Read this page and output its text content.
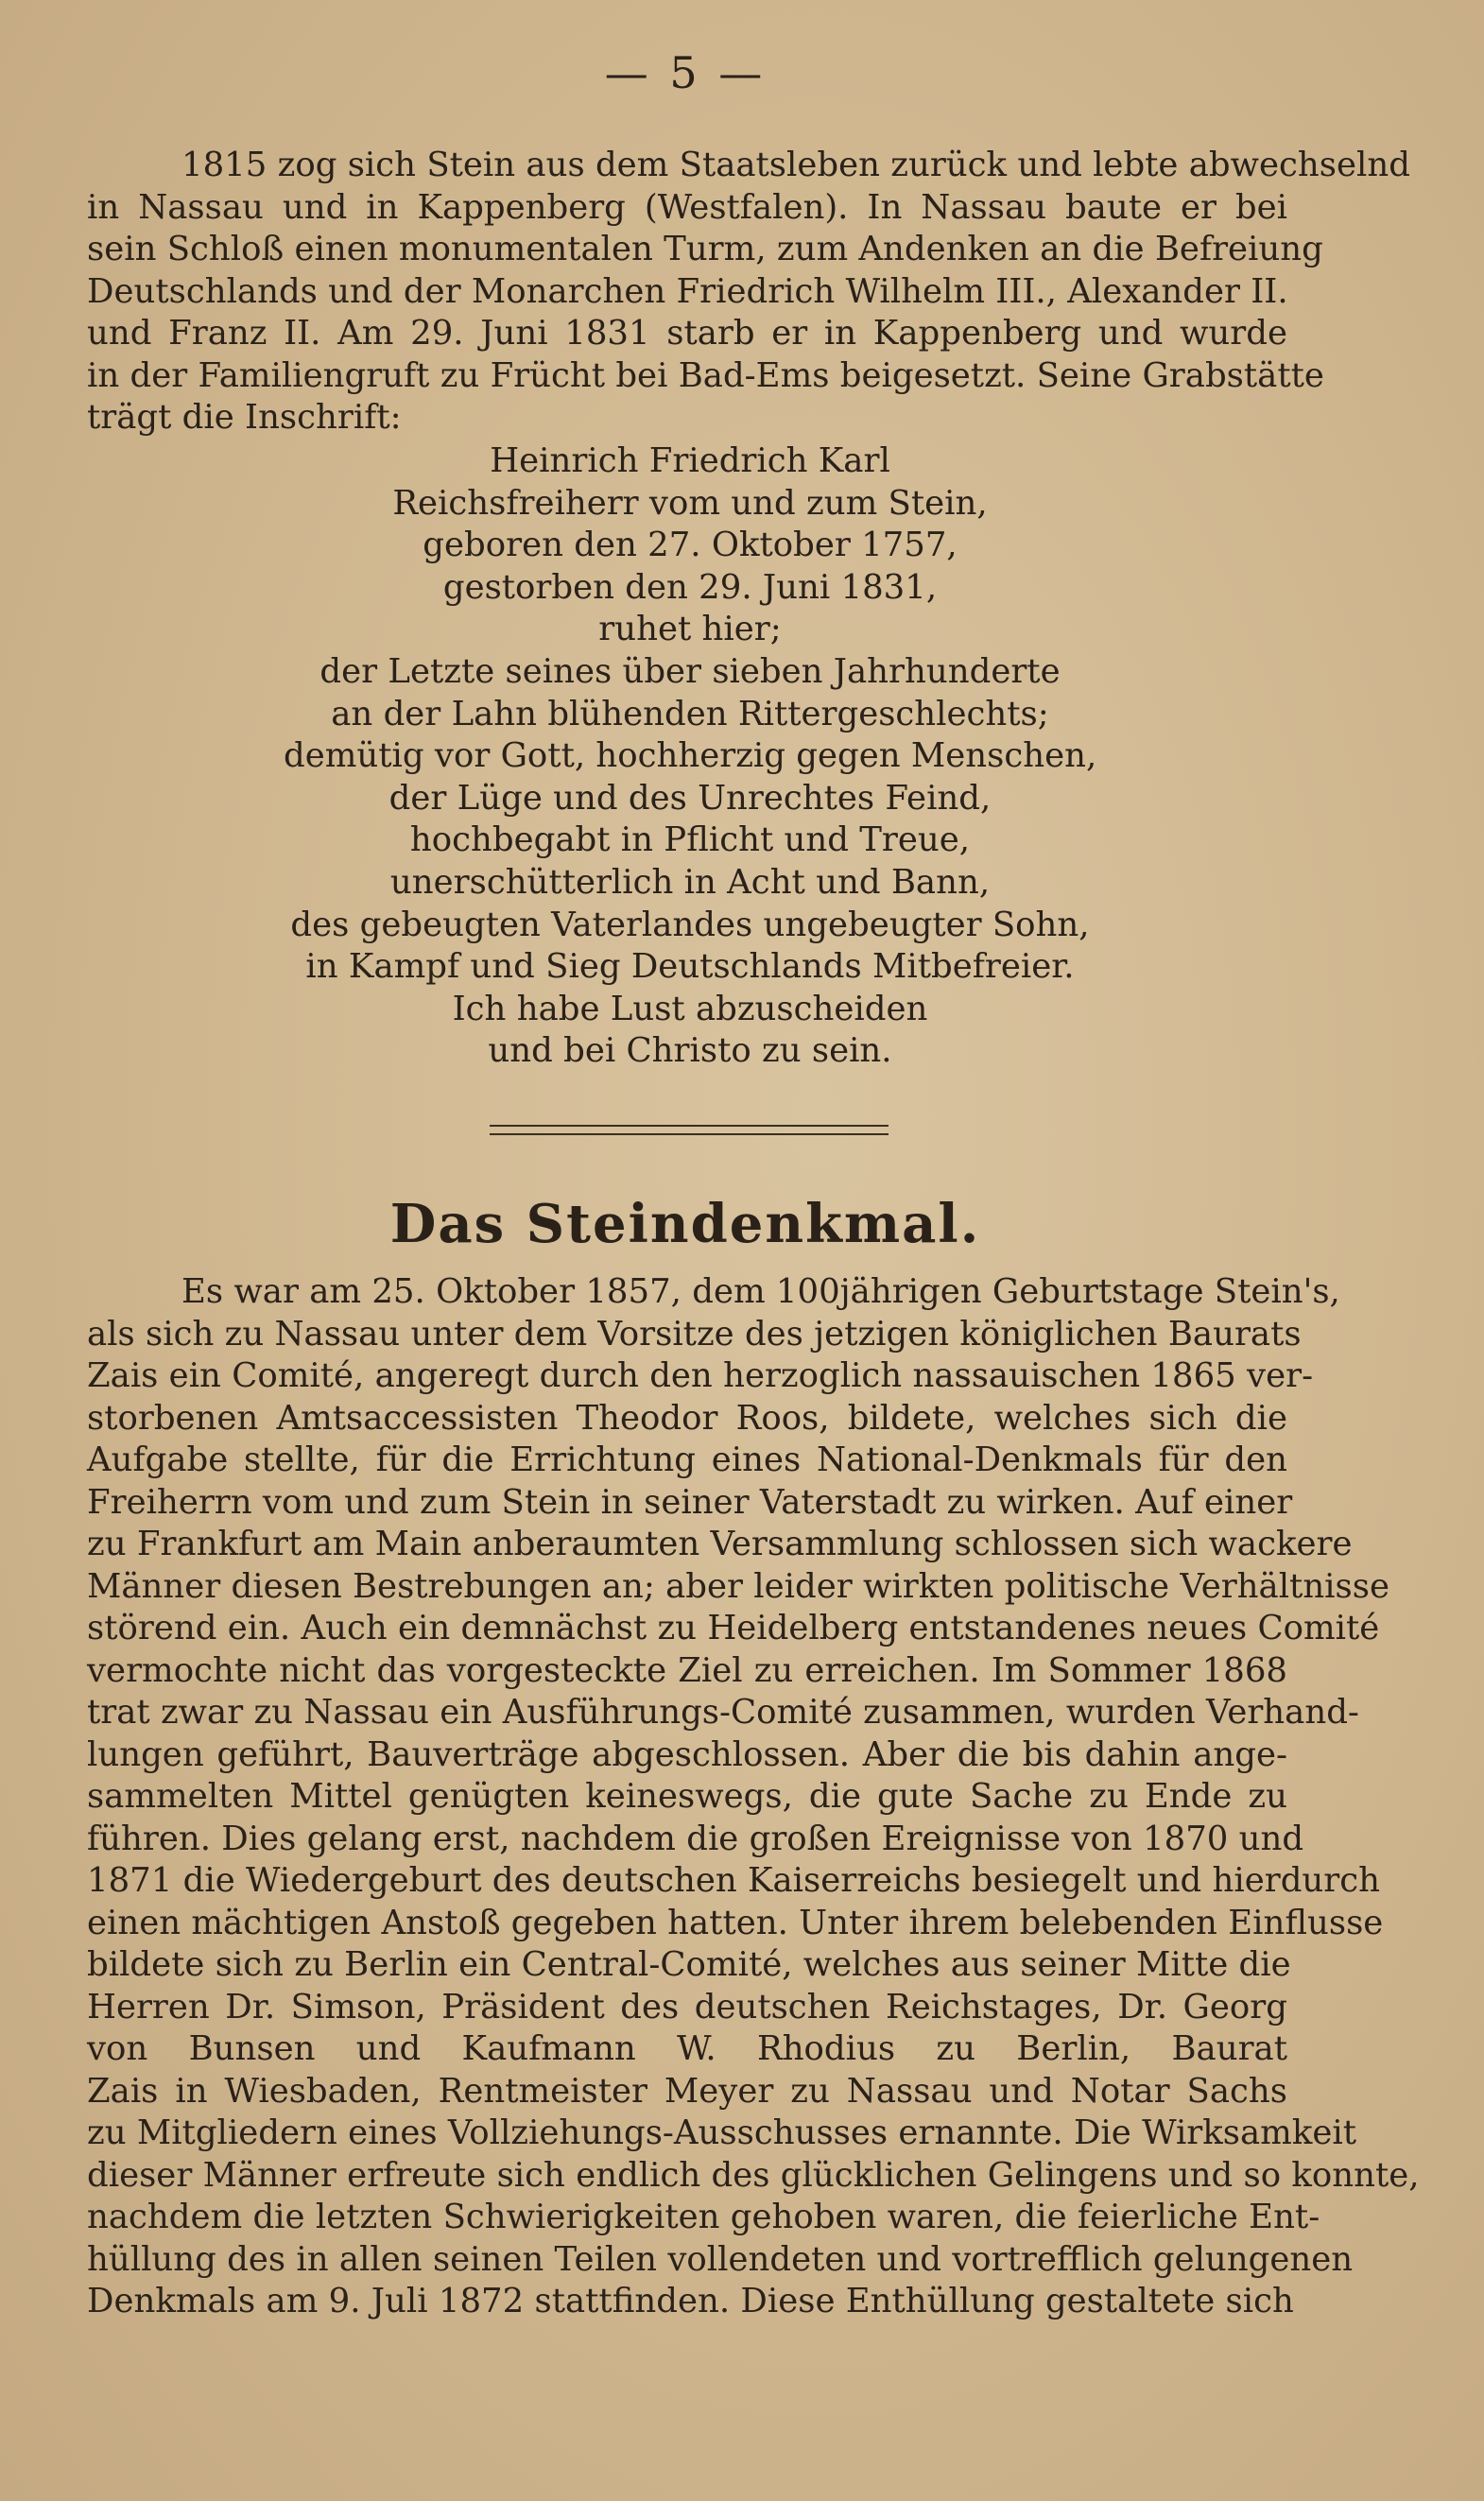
— 5 —
1815 zog sich Stein aus dem Staatsleben zurück und lebte abwechselnd
in Nassau und in Kappenberg (Westfalen). In Nassau baute er bei
sein Schloß einen monumentalen Turm, zum Andenken an die Befreiung
Deutschlands und der Monarchen Friedrich Wilhelm III., Alexander II.
und Franz II. Am 29. Juni 1831 starb er in Kappenberg und wurde
in der Familiengruft zu Frücht bei Bad-Ems beigesetzt. Seine Grabstätte
trägt die Inschrift:
Heinrich Friedrich Karl
Reichsfreiherr vom und zum Stein,
geboren den 27. Oktober 1757,
gestorben den 29. Juni 1831,
ruhet hier;
der Letzte seines über sieben Jahrhunderte
an der Lahn blühenden Rittergeschlechts;
demütig vor Gott, hochherzig gegen Menschen,
der Lüge und des Unrechtes Feind,
hochbegabt in Pflicht und Treue,
unerschütterlich in Acht und Bann,
des gebeugten Vaterlandes ungebeugter Sohn,
in Kampf und Sieg Deutschlands Mitbefreier.
Ich habe Lust abzuscheiden
und bei Christo zu sein.
Das Steindenkmal.
Es war am 25. Oktober 1857, dem 100jährigen Geburtstage Stein's,
als sich zu Nassau unter dem Vorsitze des jetzigen königlichen Baurats
Zais ein Comité, angeregt durch den herzoglich nassauischen 1865 ver-
storbenen Amtsaccessisten Theodor Roos, bildete, welches sich die
Aufgabe stellte, für die Errichtung eines National-Denkmals für den
Freiherrn vom und zum Stein in seiner Vaterstadt zu wirken. Auf einer
zu Frankfurt am Main anberaumten Versammlung schlossen sich wackere
Männer diesen Bestrebungen an; aber leider wirkten politische Verhältnisse
störend ein. Auch ein demnächst zu Heidelberg entstandenes neues Comité
vermochte nicht das vorgesteckte Ziel zu erreichen. Im Sommer 1868
trat zwar zu Nassau ein Ausführungs-Comité zusammen, wurden Verhand-
lungen geführt, Bauverträge abgeschlossen. Aber die bis dahin ange-
sammelten Mittel genügten keineswegs, die gute Sache zu Ende zu
führen. Dies gelang erst, nachdem die großen Ereignisse von 1870 und
1871 die Wiedergeburt des deutschen Kaiserreichs besiegelt und hierdurch
einen mächtigen Anstoß gegeben hatten. Unter ihrem belebenden Einflusse
bildete sich zu Berlin ein Central-Comité, welches aus seiner Mitte die
Herren Dr. Simson, Präsident des deutschen Reichstages, Dr. Georg
von Bunsen und Kaufmann W. Rhodius zu Berlin, Baurat
Zais in Wiesbaden, Rentmeister Meyer zu Nassau und Notar Sachs
zu Mitgliedern eines Vollziehungs-Ausschusses ernannte. Die Wirksamkeit
dieser Männer erfreute sich endlich des glücklichen Gelingens und so konnte,
nachdem die letzten Schwierigkeiten gehoben waren, die feierliche Ent-
hüllung des in allen seinen Teilen vollendeten und vortrefflich gelungenen
Denkmals am 9. Juli 1872 stattfinden. Diese Enthüllung gestaltete sich
